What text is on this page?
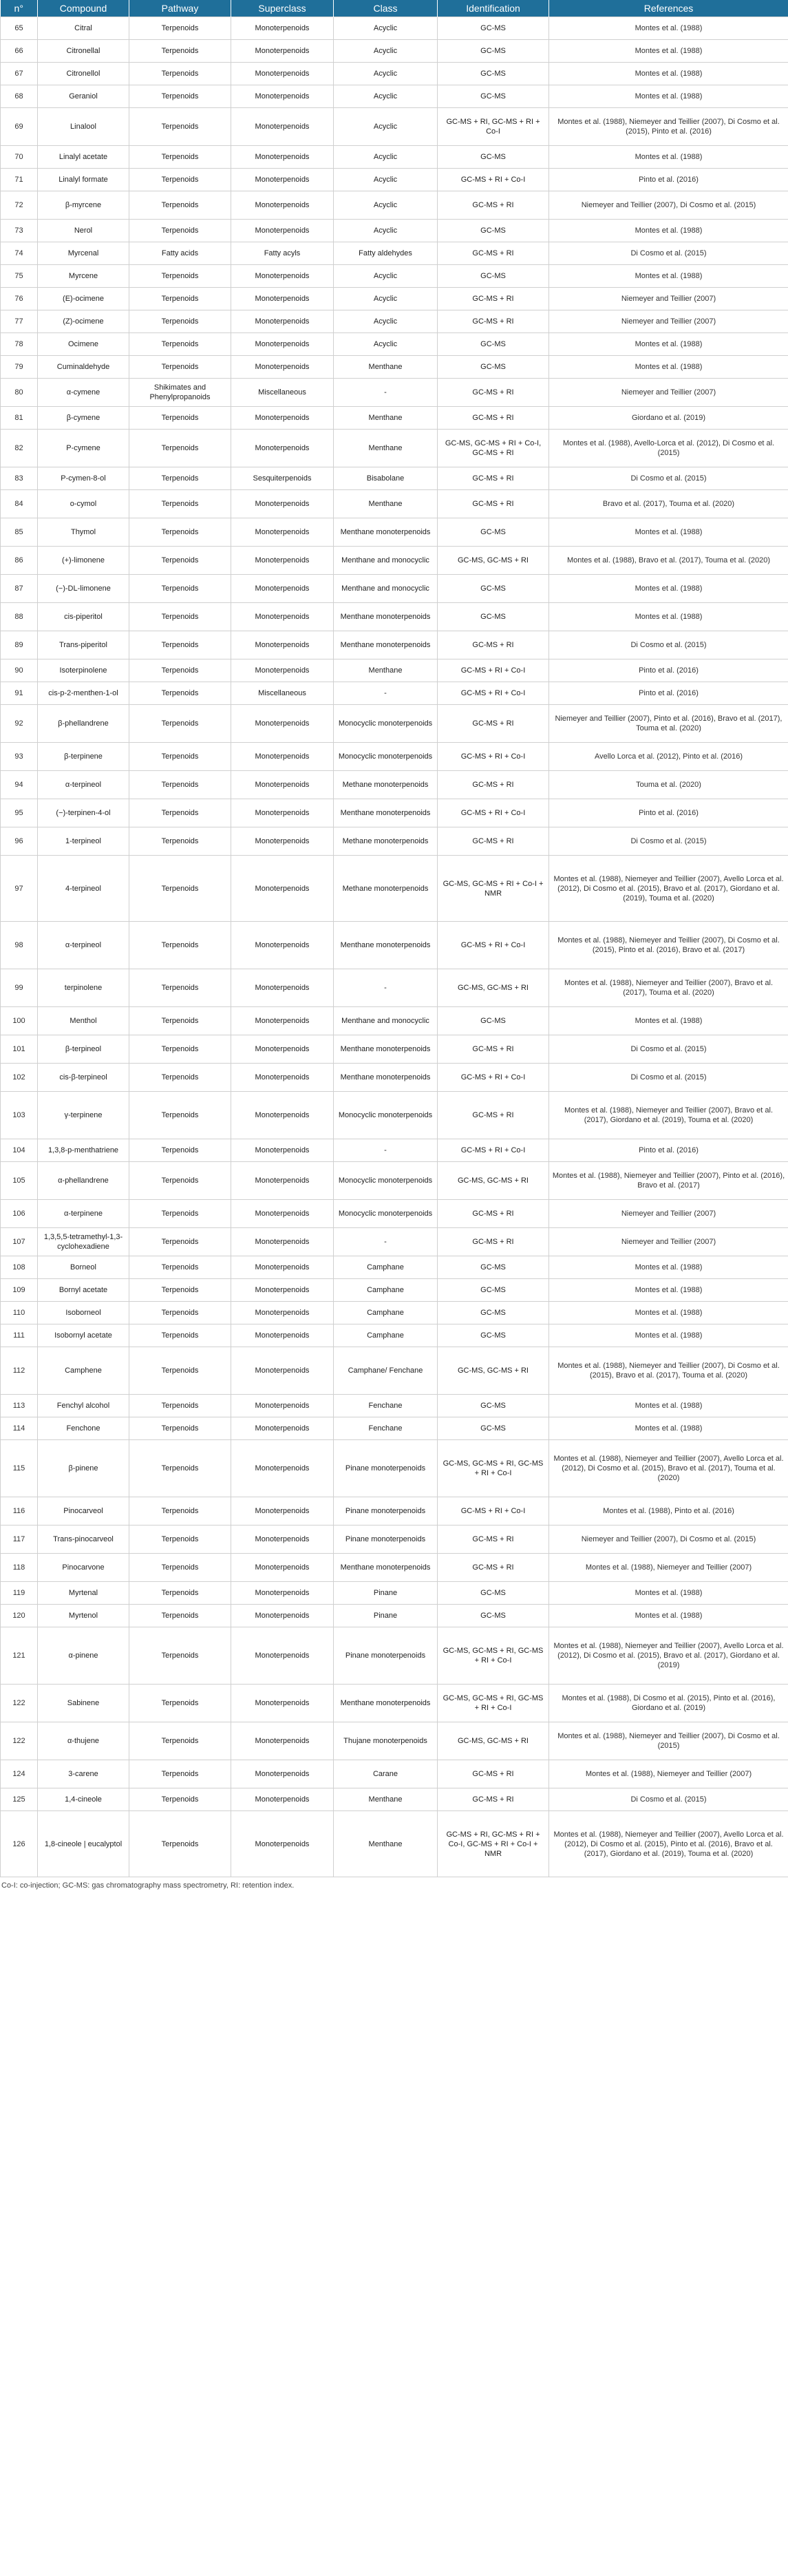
n°	Compound	Pathway	Superclass	Class	Identification	References
65	Citral	Terpenoids	Monoterpenoids	Acyclic	GC-MS	Montes et al. (1988)
66	Citronellal	Terpenoids	Monoterpenoids	Acyclic	GC-MS	Montes et al. (1988)
67	Citronellol	Terpenoids	Monoterpenoids	Acyclic	GC-MS	Montes et al. (1988)
68	Geraniol	Terpenoids	Monoterpenoids	Acyclic	GC-MS	Montes et al. (1988)
69	Linalool	Terpenoids	Monoterpenoids	Acyclic	GC-MS + RI, GC-MS + RI + Co-I	Montes et al. (1988), Niemeyer and Teillier (2007), Di Cosmo et al. (2015), Pinto et al. (2016)
70	Linalyl acetate	Terpenoids	Monoterpenoids	Acyclic	GC-MS	Montes et al. (1988)
71	Linalyl formate	Terpenoids	Monoterpenoids	Acyclic	GC-MS + RI + Co-I	Pinto et al. (2016)
72	β-myrcene	Terpenoids	Monoterpenoids	Acyclic	GC-MS + RI	Niemeyer and Teillier (2007), Di Cosmo et al. (2015)
73	Nerol	Terpenoids	Monoterpenoids	Acyclic	GC-MS	Montes et al. (1988)
74	Myrcenal	Fatty acids	Fatty acyls	Fatty aldehydes	GC-MS + RI	Di Cosmo et al. (2015)
75	Myrcene	Terpenoids	Monoterpenoids	Acyclic	GC-MS	Montes et al. (1988)
76	(E)-ocimene	Terpenoids	Monoterpenoids	Acyclic	GC-MS + RI	Niemeyer and Teillier (2007)
77	(Z)-ocimene	Terpenoids	Monoterpenoids	Acyclic	GC-MS + RI	Niemeyer and Teillier (2007)
78	Ocimene	Terpenoids	Monoterpenoids	Acyclic	GC-MS	Montes et al. (1988)
79	Cuminaldehyde	Terpenoids	Monoterpenoids	Menthane	GC-MS	Montes et al. (1988)
80	α-cymene	Shikimates and Phenylpropanoids	Miscellaneous	-	GC-MS + RI	Niemeyer and Teillier (2007)
81	β-cymene	Terpenoids	Monoterpenoids	Menthane	GC-MS + RI	Giordano et al. (2019)
82	P-cymene	Terpenoids	Monoterpenoids	Menthane	GC-MS, GC-MS + RI + Co-I, GC-MS + RI	Montes et al. (1988), Avello-Lorca et al. (2012), Di Cosmo et al. (2015)
83	P-cymen-8-ol	Terpenoids	Sesquiterpenoids	Bisabolane	GC-MS + RI	Di Cosmo et al. (2015)
84	o-cymol	Terpenoids	Monoterpenoids	Menthane	GC-MS + RI	Bravo et al. (2017), Touma et al. (2020)
85	Thymol	Terpenoids	Monoterpenoids	Menthane monoterpenoids	GC-MS	Montes et al. (1988)
86	(+)-limonene	Terpenoids	Monoterpenoids	Menthane and monocyclic	GC-MS, GC-MS + RI	Montes et al. (1988), Bravo et al. (2017), Touma et al. (2020)
87	(−)-DL-limonene	Terpenoids	Monoterpenoids	Menthane and monocyclic	GC-MS	Montes et al. (1988)
88	cis-piperitol	Terpenoids	Monoterpenoids	Menthane monoterpenoids	GC-MS	Montes et al. (1988)
89	Trans-piperitol	Terpenoids	Monoterpenoids	Menthane monoterpenoids	GC-MS + RI	Di Cosmo et al. (2015)
90	Isoterpinolene	Terpenoids	Monoterpenoids	Menthane	GC-MS + RI + Co-I	Pinto et al. (2016)
91	cis-p-2-menthen-1-ol	Terpenoids	Miscellaneous	-	GC-MS + RI + Co-I	Pinto et al. (2016)
92	β-phellandrene	Terpenoids	Monoterpenoids	Monocyclic monoterpenoids	GC-MS + RI	Niemeyer and Teillier (2007), Pinto et al. (2016), Bravo et al. (2017), Touma et al. (2020)
93	β-terpinene	Terpenoids	Monoterpenoids	Monocyclic monoterpenoids	GC-MS + RI + Co-I	Avello Lorca et al. (2012), Pinto et al. (2016)
94	α-terpineol	Terpenoids	Monoterpenoids	Methane monoterpenoids	GC-MS + RI	Touma et al. (2020)
95	(−)-terpinen-4-ol	Terpenoids	Monoterpenoids	Menthane monoterpenoids	GC-MS + RI + Co-I	Pinto et al. (2016)
96	1-terpineol	Terpenoids	Monoterpenoids	Methane monoterpenoids	GC-MS + RI	Di Cosmo et al. (2015)
97	4-terpineol	Terpenoids	Monoterpenoids	Methane monoterpenoids	GC-MS, GC-MS + RI + Co-I + NMR	Montes et al. (1988), Niemeyer and Teillier (2007), Avello Lorca et al. (2012), Di Cosmo et al. (2015), Bravo et al. (2017), Giordano et al. (2019), Touma et al. (2020)
98	α-terpineol	Terpenoids	Monoterpenoids	Menthane monoterpenoids	GC-MS + RI + Co-I	Montes et al. (1988), Niemeyer and Teillier (2007), Di Cosmo et al. (2015), Pinto et al. (2016), Bravo et al. (2017)
99	terpinolene	Terpenoids	Monoterpenoids	-	GC-MS, GC-MS + RI	Montes et al. (1988), Niemeyer and Teillier (2007), Bravo et al. (2017), Touma et al. (2020)
100	Menthol	Terpenoids	Monoterpenoids	Menthane and monocyclic	GC-MS	Montes et al. (1988)
101	β-terpineol	Terpenoids	Monoterpenoids	Menthane monoterpenoids	GC-MS + RI	Di Cosmo et al. (2015)
102	cis-β-terpineol	Terpenoids	Monoterpenoids	Menthane monoterpenoids	GC-MS + RI + Co-I	Di Cosmo et al. (2015)
103	γ-terpinene	Terpenoids	Monoterpenoids	Monocyclic monoterpenoids	GC-MS + RI	Montes et al. (1988), Niemeyer and Teillier (2007), Bravo et al. (2017), Giordano et al. (2019), Touma et al. (2020)
104	1,3,8-p-menthatriene	Terpenoids	Monoterpenoids	-	GC-MS + RI + Co-I	Pinto et al. (2016)
105	α-phellandrene	Terpenoids	Monoterpenoids	Monocyclic monoterpenoids	GC-MS, GC-MS + RI	Montes et al. (1988), Niemeyer and Teillier (2007), Pinto et al. (2016), Bravo et al. (2017)
106	α-terpinene	Terpenoids	Monoterpenoids	Monocyclic monoterpenoids	GC-MS + RI	Niemeyer and Teillier (2007)
107	1,3,5,5-tetramethyl-1,3-cyclohexadiene	Terpenoids	Monoterpenoids	-	GC-MS + RI	Niemeyer and Teillier (2007)
108	Borneol	Terpenoids	Monoterpenoids	Camphane	GC-MS	Montes et al. (1988)
109	Bornyl acetate	Terpenoids	Monoterpenoids	Camphane	GC-MS	Montes et al. (1988)
110	Isoborneol	Terpenoids	Monoterpenoids	Camphane	GC-MS	Montes et al. (1988)
111	Isobornyl acetate	Terpenoids	Monoterpenoids	Camphane	GC-MS	Montes et al. (1988)
112	Camphene	Terpenoids	Monoterpenoids	Camphane/ Fenchane	GC-MS, GC-MS + RI	Montes et al. (1988), Niemeyer and Teillier (2007), Di Cosmo et al. (2015), Bravo et al. (2017), Touma et al. (2020)
113	Fenchyl alcohol	Terpenoids	Monoterpenoids	Fenchane	GC-MS	Montes et al. (1988)
114	Fenchone	Terpenoids	Monoterpenoids	Fenchane	GC-MS	Montes et al. (1988)
115	β-pinene	Terpenoids	Monoterpenoids	Pinane monoterpenoids	GC-MS, GC-MS + RI, GC-MS + RI + Co-I	Montes et al. (1988), Niemeyer and Teillier (2007), Avello Lorca et al. (2012), Di Cosmo et al. (2015), Bravo et al. (2017), Touma et al. (2020)
116	Pinocarveol	Terpenoids	Monoterpenoids	Pinane monoterpenoids	GC-MS + RI + Co-I	Montes et al. (1988), Pinto et al. (2016)
117	Trans-pinocarveol	Terpenoids	Monoterpenoids	Pinane monoterpenoids	GC-MS + RI	Niemeyer and Teillier (2007), Di Cosmo et al. (2015)
118	Pinocarvone	Terpenoids	Monoterpenoids	Menthane monoterpenoids	GC-MS + RI	Montes et al. (1988), Niemeyer and Teillier (2007)
119	Myrtenal	Terpenoids	Monoterpenoids	Pinane	GC-MS	Montes et al. (1988)
120	Myrtenol	Terpenoids	Monoterpenoids	Pinane	GC-MS	Montes et al. (1988)
121	α-pinene	Terpenoids	Monoterpenoids	Pinane monoterpenoids	GC-MS, GC-MS + RI, GC-MS + RI + Co-I	Montes et al. (1988), Niemeyer and Teillier (2007), Avello Lorca et al. (2012), Di Cosmo et al. (2015), Bravo et al. (2017), Giordano et al. (2019)
122	Sabinene	Terpenoids	Monoterpenoids	Menthane monoterpenoids	GC-MS, GC-MS + RI, GC-MS + RI + Co-I	Montes et al. (1988), Di Cosmo et al. (2015), Pinto et al. (2016), Giordano et al. (2019)
122	α-thujene	Terpenoids	Monoterpenoids	Thujane monoterpenoids	GC-MS, GC-MS + RI	Montes et al. (1988), Niemeyer and Teillier (2007), Di Cosmo et al. (2015)
124	3-carene	Terpenoids	Monoterpenoids	Carane	GC-MS + RI	Montes et al. (1988), Niemeyer and Teillier (2007)
125	1,4-cineole	Terpenoids	Monoterpenoids	Menthane	GC-MS + RI	Di Cosmo et al. (2015)
126	1,8-cineole | eucalyptol	Terpenoids	Monoterpenoids	Menthane	GC-MS + RI, GC-MS + RI + Co-I, GC-MS + RI + Co-I + NMR	Montes et al. (1988), Niemeyer and Teillier (2007), Avello Lorca et al. (2012), Di Cosmo et al. (2015), Pinto et al. (2016), Bravo et al. (2017), Giordano et al. (2019), Touma et al. (2020)
Co-I: co-injection; GC-MS: gas chromatography mass spectrometry, RI: retention index.
